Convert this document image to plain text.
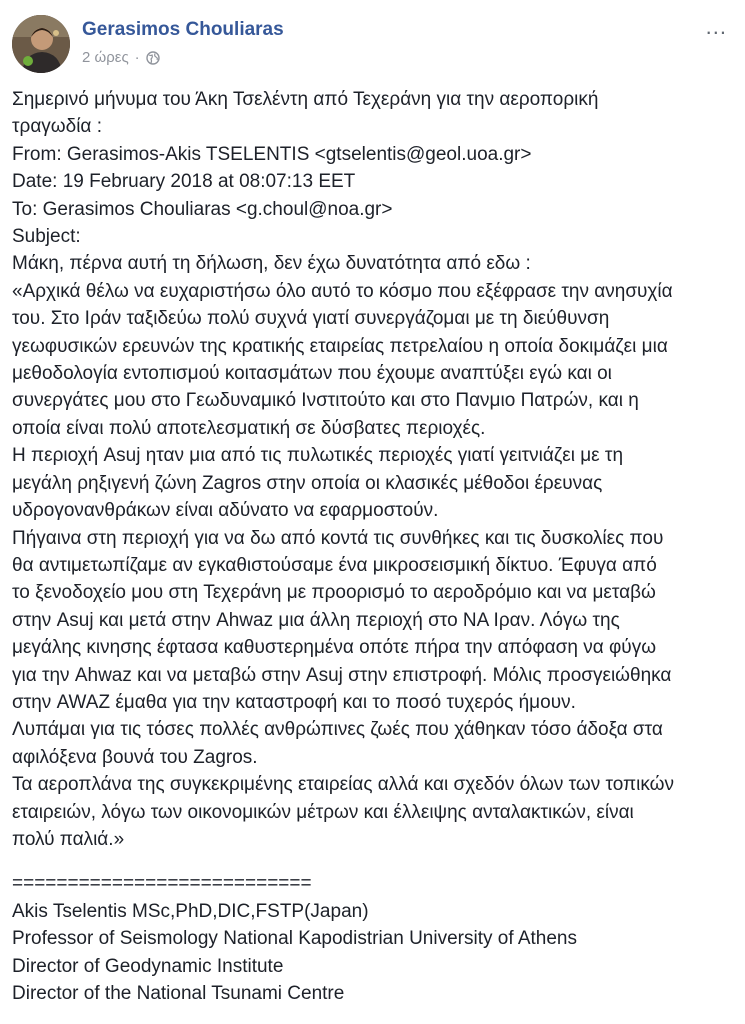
Gerasimos Chouliaras
2 ώρες ·
...

Σημερινό μήνυμα του Άκη Τσελέντη από Τεχεράνη για την αεροπορική

τραγωδία :

From: Gerasimos-Akis TSELENTIS <gtselentis@geol.uoa.gr>

Date: 19 February 2018 at 08:07:13 EET

To: Gerasimos Chouliaras <g.choul@noa.gr>

Subject:

Μάκη, πέρνα αυτή τη δήλωση, δεν έχω δυνατότητα από εδω :

«Αρχικά θέλω να ευχαριστήσω όλο αυτό το κόσμο που εξέφρασε την ανησυχία

του. Στο Ιράν ταξιδεύω πολύ συχνά γιατί συνεργάζομαι με τη διεύθυνση

γεωφυσικών ερευνών της κρατικής εταιρείας πετρελαίου η οποία δοκιμάζει μια

μεθοδολογία εντοπισμού κοιτασμάτων που έχουμε αναπτύξει εγώ και οι

συνεργάτες μου στο Γεωδυναμικό Ινστιτούτο και στο Πανμιο Πατρών, και η

οποία είναι πολύ αποτελεσματική σε δύσβατες περιοχές.

Η περιοχή Asuj ηταν μια από τις πυλωτικές περιοχές γιατί γειτνιάζει με τη

μεγάλη ρηξιγενή ζώνη Zagros στην οποία οι κλασικές μέθοδοι έρευνας

υδρογονανθράκων είναι αδύνατο να εφαρμοστούν.

Πήγαινα στη περιοχή για να δω από κοντά τις συνθήκες και τις δυσκολίες που

θα αντιμετωπίζαμε αν εγκαθιστούσαμε ένα μικροσεισμική δίκτυο. Έφυγα από

το ξενοδοχείο μου στη Τεχεράνη με προορισμό το αεροδρόμιο και να μεταβώ

στην Asuj και μετά στην Ahwaz μια άλλη περιοχή στο ΝΑ Ιραν. Λόγω της

μεγάλης κινησης έφτασα καθυστερημένα οπότε πήρα την απόφαση να φύγω

για την Ahwaz και να μεταβώ στην Asuj στην επιστροφή. Μόλις προσγειώθηκα

στην AWAZ έμαθα για την καταστροφή και το ποσό τυχερός ήμουν.

Λυπάμαι για τις τόσες πολλές ανθρώπινες ζωές που χάθηκαν τόσο άδοξα στα

αφιλόξενα βουνά του Zagros.

Τα αεροπλάνα της συγκεκριμένης εταιρείας αλλά και σχεδόν όλων των τοπικών

εταιρειών, λόγω των οικονομικών μέτρων και έλλειψης ανταλακτικών, είναι

πολύ παλιά.»

===========================

Akis Tselentis MSc,PhD,DIC,FSTP(Japan)

Professor of Seismology National Kapodistrian University of Athens

Director of Geodynamic Institute

Director of the National Tsunami Centre
